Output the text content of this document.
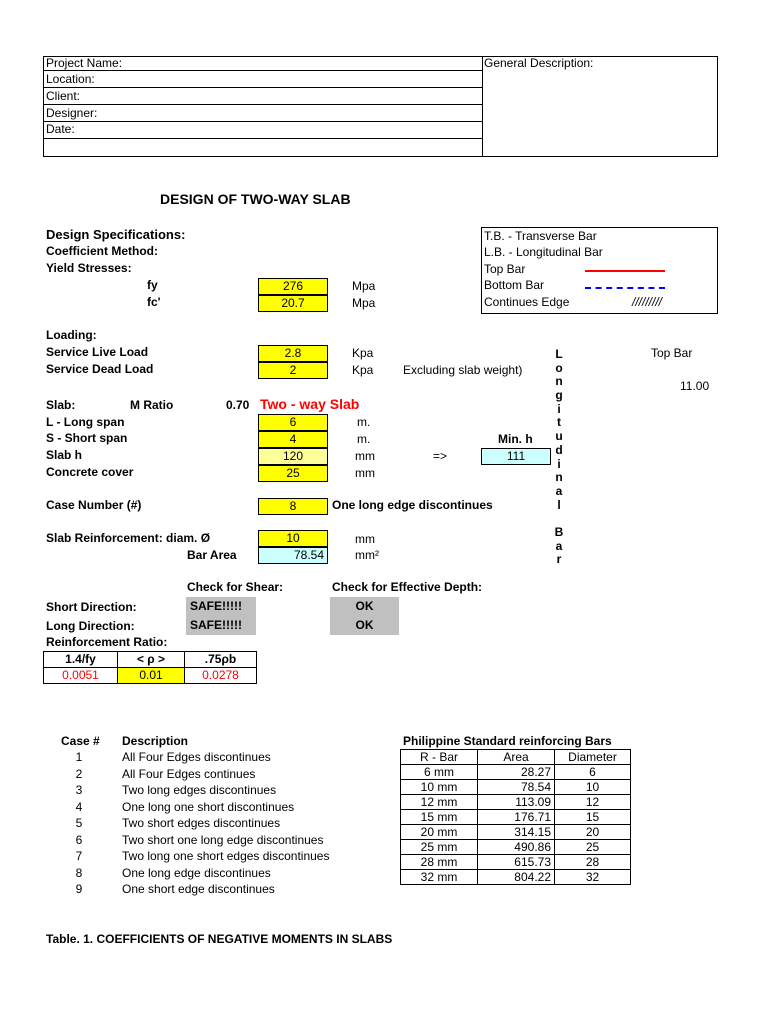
Project Name:
Location:
Client:
Designer:
Date:
General Description:
DESIGN OF TWO-WAY SLAB
T.B. - Transverse Bar
L.B. - Longitudinal Bar
Top Bar
Bottom Bar
Continues Edge	/////////
Design Specifications:
Coefficient Method:
Yield Stresses:
fy	276	Mpa
fc'	20.7	Mpa
Loading:
Service Live Load	2.8	Kpa
Service Dead Load	2	Kpa Excluding slab weight)
Slab:	M Ratio	0.70 Two - way Slab
L - Long span	6	m.
S - Short span	4	m.	Min. h
Slab h	120	mm	=>	111
Concrete cover	25	mm
Case Number (#)	8	One long edge discontinues
Slab Reinforcement: diam. Ø	10	mm
Bar Area	78.54	mm²
L
o
n
g
i
t
u
d
i
n
a
l
B
a
r
Top Bar
11.00
Check for Shear:	Check for Effective Depth:
Short Direction:	SAFE!!!!!	OK
Long Direction:	SAFE!!!!!	OK
Reinforcement Ratio:
1.4/fy	< ρ >	.75ρb
0.0051	0.01	0.0278
Case # Description
1	All Four Edges discontinues
2	All Four Edges continues
3	Two long edges discontinues
4	One long one short discontinues
5	Two short edges discontinues
6	Two short one long edge discontinues
7	Two long one short edges discontinues
8	One long edge discontinues
9	One short edge discontinues
Philippine Standard reinforcing Bars
R - Bar	Area	Diameter
6 mm	28.27	6
10 mm	78.54	10
12 mm	113.09	12
15 mm	176.71	15
20 mm	314.15	20
25 mm	490.86	25
28 mm	615.73	28
32 mm	804.22	32
Table. 1. COEFFICIENTS OF NEGATIVE MOMENTS IN SLABS
